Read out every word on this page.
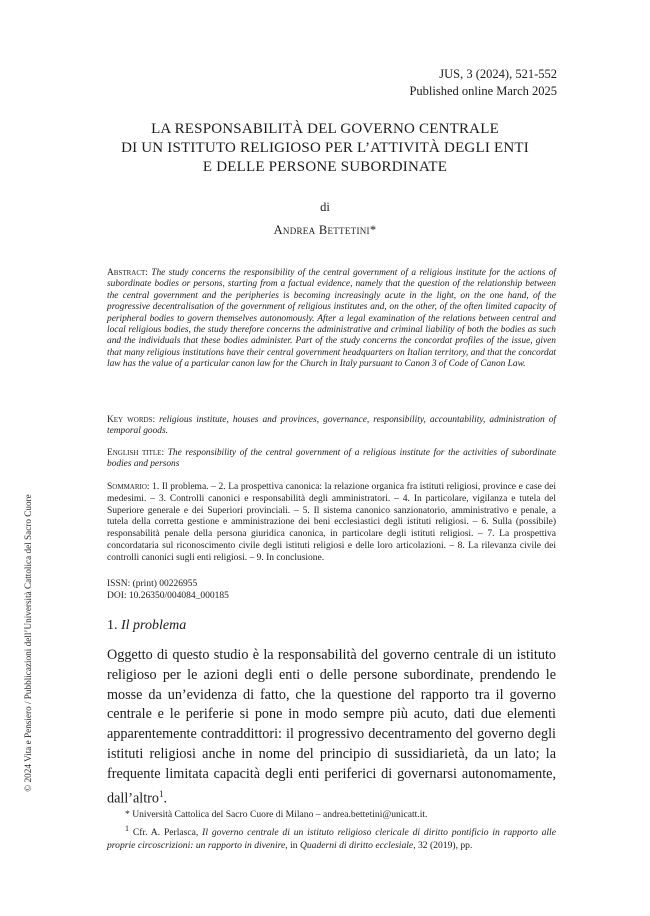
JUS, 3 (2024), 521-552
Published online March 2025
LA RESPONSABILITÀ DEL GOVERNO CENTRALE
DI UN ISTITUTO RELIGIOSO PER L’ATTIVITÀ DEGLI ENTI
E DELLE PERSONE SUBORDINATE
di
Andrea Bettetini*
Abstract: The study concerns the responsibility of the central government of a religious institute for the actions of subordinate bodies or persons, starting from a factual evidence, namely that the question of the relationship between the central government and the peripheries is becoming increasingly acute in the light, on the one hand, of the progressive decentralisation of the government of religious institutes and, on the other, of the often limited capacity of peripheral bodies to govern themselves autonomously. After a legal examination of the relations between central and local religious bodies, the study therefore concerns the administrative and criminal liability of both the bodies as such and the individuals that these bodies administer. Part of the study concerns the concordat profiles of the issue, given that many religious institutions have their central government headquarters on Italian territory, and that the concordat law has the value of a particular canon law for the Church in Italy pursuant to Canon 3 of Code of Canon Law.
Key words: religious institute, houses and provinces, governance, responsibility, accountability, administration of temporal goods.
English title: The responsibility of the central government of a religious institute for the activities of subordinate bodies and persons
Sommario: 1. Il problema. – 2. La prospettiva canonica: la relazione organica fra istituti religiosi, province e case dei medesimi. – 3. Controlli canonici e responsabilità degli amministratori. – 4. In particolare, vigilanza e tutela del Superiore generale e dei Superiori provinciali. – 5. Il sistema canonico sanzionatorio, amministrativo e penale, a tutela della corretta gestione e amministrazione dei beni ecclesiastici degli istituti religiosi. – 6. Sulla (possibile) responsabilità penale della persona giuridica canonica, in particolare degli istituti religiosi. – 7. La prospettiva concordataria sul riconoscimento civile degli istituti religiosi e delle loro articolazioni. – 8. La rilevanza civile dei controlli canonici sugli enti religiosi. – 9. In conclusione.
ISSN: (print) 00226955
DOI: 10.26350/004084_000185
1. Il problema
Oggetto di questo studio è la responsabilità del governo centrale di un istituto religioso per le azioni degli enti o delle persone subordinate, prendendo le mosse da un’evidenza di fatto, che la questione del rapporto tra il governo centrale e le periferie si pone in modo sempre più acuto, dati due elementi apparentemente contraddittori: il progressivo decentramento del governo degli istituti religiosi anche in nome del principio di sussidiarietà, da un lato; la frequente limitata capacità degli enti periferici di governarsi autonomamente, dall’altro$^1$.
* Università Cattolica del Sacro Cuore di Milano – andrea.bettetini@unicatt.it.
$^1$ Cfr. A. Perlasca, Il governo centrale di un istituto religioso clericale di diritto pontificio in rapporto alle proprie circoscrizioni: un rapporto in divenire, in Quaderni di diritto ecclesiale, 32 (2019), pp.
© 2024 Vita e Pensiero / Pubblicazioni dell’Università Cattolica del Sacro Cuore
